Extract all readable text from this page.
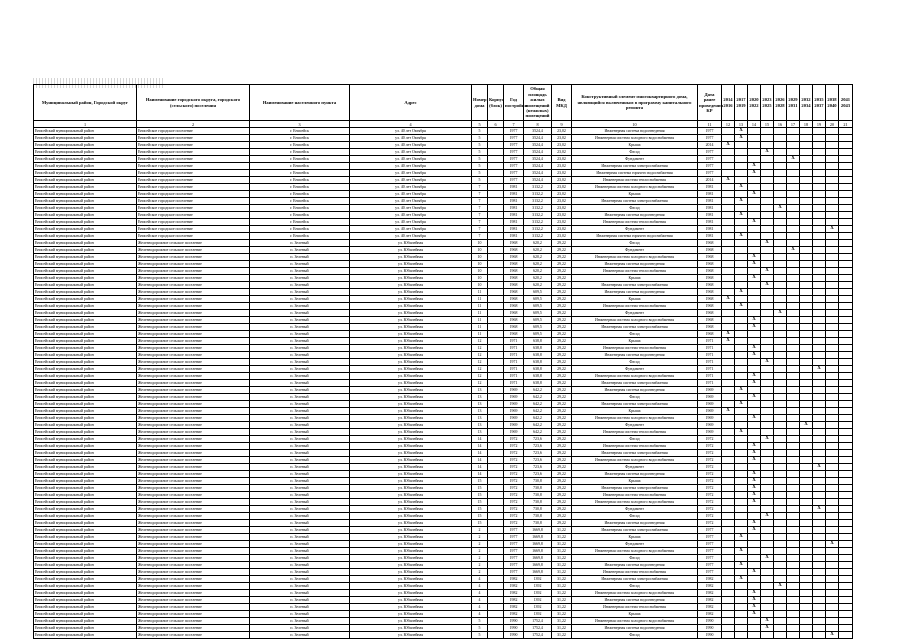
Муниципальный район, Городской округ	Наименование городского округа, городского (сельского) поселения	Наименование населенного пункта	Адрес	Номер дома	Корпус (блок)	Год постройки	Общая площадь жилых помещений (нежилых) помещений	Вид МКД	Конструктивный элемент многоквартирного дома, являющийся включенным в программу капитального ремонта	Дата ранее проведения КР	2014 2016	2017 2019	2020 2022	2023 2025	2026 2028	2029 2031	2032 2034	2035 2037	2038 2040	2041 2043
1	2	3	4	5	6	7	8	9	10	11	12	13	14	15	16	17	18	19	20	21
Енисейский муниципальный район	Енисейское городское поселение	г. Енисейск	ул. 40 лет Октября	5		1977	3524,4	23,02	Инженерная система водоотведения	1977		X								
Енисейский муниципальный район	Енисейское городское поселение	г. Енисейск	ул. 40 лет Октября	5		1977	3524,4	23,02	Инженерная система холодного водоснабжения	1977		X								
Енисейский муниципальный район	Енисейское городское поселение	г. Енисейск	ул. 40 лет Октября	5		1977	3524,4	23,02	Крыша	2014	X									
Енисейский муниципальный район	Енисейское городское поселение	г. Енисейск	ул. 40 лет Октября	5		1977	3524,4	23,02	Фасад	1977				X						
Енисейский муниципальный район	Енисейское городское поселение	г. Енисейск	ул. 40 лет Октября	5		1977	3524,4	23,02	Фундамент	1977						X				
Енисейский муниципальный район	Енисейское городское поселение	г. Енисейск	ул. 40 лет Октября	5		1977	3524,4	23,02	Инженерная система электроснабжения	1977			X							
Енисейский муниципальный район	Енисейское городское поселение	г. Енисейск	ул. 40 лет Октября	5		1977	3524,4	23,02	Инженерная система горячего водоснабжения	1977			X							
Енисейский муниципальный район	Енисейское городское поселение	г. Енисейск	ул. 40 лет Октября	5		1977	3524,4	23,02	Инженерная система теплоснабжения	2014	X									
Енисейский муниципальный район	Енисейское городское поселение	г. Енисейск	ул. 40 лет Октября	7		1981	3132,2	23,02	Инженерная система холодного водоснабжения	1981		X								
Енисейский муниципальный район	Енисейское городское поселение	г. Енисейск	ул. 40 лет Октября	7		1981	3132,2	23,02	Крыша	1981			X							
Енисейский муниципальный район	Енисейское городское поселение	г. Енисейск	ул. 40 лет Октября	7		1981	3132,2	23,02	Инженерная система электроснабжения	1981		X								
Енисейский муниципальный район	Енисейское городское поселение	г. Енисейск	ул. 40 лет Октября	7		1981	3132,2	23,02	Фасад	1981					X					
Енисейский муниципальный район	Енисейское городское поселение	г. Енисейск	ул. 40 лет Октября	7		1981	3132,2	23,02	Инженерная система водоотведения	1981		X								
Енисейский муниципальный район	Енисейское городское поселение	г. Енисейск	ул. 40 лет Октября	7		1981	3132,2	23,02	Инженерная система теплоснабжения	1981			X							
Енисейский муниципальный район	Енисейское городское поселение	г. Енисейск	ул. 40 лет Октября	7		1981	3132,2	23,02	Фундамент	1981									X	
Енисейский муниципальный район	Енисейское городское поселение	г. Енисейск	ул. 40 лет Октября	7		1981	3132,2	23,02	Инженерная система горячего водоснабжения	1981		X								
Енисейский муниципальный район	Железнодорожное сельское поселение	п. Зеленый	ул. Юбилейная	10		1968	620,2	29,22	Фасад	1968				X						
Енисейский муниципальный район	Железнодорожное сельское поселение	п. Зеленый	ул. Юбилейная	10		1968	620,2	29,22	Фундамент	1968						X				
Енисейский муниципальный район	Железнодорожное сельское поселение	п. Зеленый	ул. Юбилейная	10		1968	620,2	29,22	Инженерная система холодного водоснабжения	1968			X							
Енисейский муниципальный район	Железнодорожное сельское поселение	п. Зеленый	ул. Юбилейная	10		1968	620,2	29,22	Инженерная система водоотведения	1968			X							
Енисейский муниципальный район	Железнодорожное сельское поселение	п. Зеленый	ул. Юбилейная	10		1968	620,2	29,22	Инженерная система теплоснабжения	1968				X						
Енисейский муниципальный район	Железнодорожное сельское поселение	п. Зеленый	ул. Юбилейная	10		1968	620,2	29,22	Крыша	1968			X							
Енисейский муниципальный район	Железнодорожное сельское поселение	п. Зеленый	ул. Юбилейная	10		1968	620,2	29,22	Инженерная система электроснабжения	1968				X						
Енисейский муниципальный район	Железнодорожное сельское поселение	п. Зеленый	ул. Юбилейная	11		1968	609,5	29,22	Инженерная система водоотведения	1968		X								
Енисейский муниципальный район	Железнодорожное сельское поселение	п. Зеленый	ул. Юбилейная	11		1968	609,5	29,22	Крыша	1968	X									
Енисейский муниципальный район	Железнодорожное сельское поселение	п. Зеленый	ул. Юбилейная	11		1968	609,5	29,22	Инженерная система теплоснабжения	1968		X								
Енисейский муниципальный район	Железнодорожное сельское поселение	п. Зеленый	ул. Юбилейная	11		1968	609,5	29,22	Фундамент	1968					X					
Енисейский муниципальный район	Железнодорожное сельское поселение	п. Зеленый	ул. Юбилейная	11		1968	609,5	29,22	Инженерная система холодного водоснабжения	1968			X							
Енисейский муниципальный район	Железнодорожное сельское поселение	п. Зеленый	ул. Юбилейная	11		1968	609,5	29,22	Инженерная система электроснабжения	1968			X							
Енисейский муниципальный район	Железнодорожное сельское поселение	п. Зеленый	ул. Юбилейная	11		1968	609,5	29,22	Фасад	1968	X									
Енисейский муниципальный район	Железнодорожное сельское поселение	п. Зеленый	ул. Юбилейная	12		1971	638,8	29,22	Крыша	1971	X									
Енисейский муниципальный район	Железнодорожное сельское поселение	п. Зеленый	ул. Юбилейная	12		1971	638,8	29,22	Инженерная система теплоснабжения	1971			X							
Енисейский муниципальный район	Железнодорожное сельское поселение	п. Зеленый	ул. Юбилейная	12		1971	638,8	29,22	Инженерная система водоотведения	1971			X							
Енисейский муниципальный район	Железнодорожное сельское поселение	п. Зеленый	ул. Юбилейная	12		1971	638,8	29,22	Фасад	1971				X						
Енисейский муниципальный район	Железнодорожное сельское поселение	п. Зеленый	ул. Юбилейная	12		1971	638,8	29,22	Фундамент	1971								X		
Енисейский муниципальный район	Железнодорожное сельское поселение	п. Зеленый	ул. Юбилейная	12		1971	638,8	29,22	Инженерная система холодного водоснабжения	1971			X							
Енисейский муниципальный район	Железнодорожное сельское поселение	п. Зеленый	ул. Юбилейная	12		1971	638,8	29,22	Инженерная система электроснабжения	1971			X							
Енисейский муниципальный район	Железнодорожное сельское поселение	п. Зеленый	ул. Юбилейная	13		1969	642,2	29,22	Инженерная система водоотведения	1969		X								
Енисейский муниципальный район	Железнодорожное сельское поселение	п. Зеленый	ул. Юбилейная	13		1969	642,2	29,22	Фасад	1969			X							
Енисейский муниципальный район	Железнодорожное сельское поселение	п. Зеленый	ул. Юбилейная	13		1969	642,2	29,22	Инженерная система электроснабжения	1969		X								
Енисейский муниципальный район	Железнодорожное сельское поселение	п. Зеленый	ул. Юбилейная	13		1969	642,2	29,22	Крыша	1969	X									
Енисейский муниципальный район	Железнодорожное сельское поселение	п. Зеленый	ул. Юбилейная	13		1969	642,2	29,22	Инженерная система холодного водоснабжения	1969			X							
Енисейский муниципальный район	Железнодорожное сельское поселение	п. Зеленый	ул. Юбилейная	13		1969	642,2	29,22	Фундамент	1969							X			
Енисейский муниципальный район	Железнодорожное сельское поселение	п. Зеленый	ул. Юбилейная	13		1969	642,2	29,22	Инженерная система теплоснабжения	1969		X								
Енисейский муниципальный район	Железнодорожное сельское поселение	п. Зеленый	ул. Юбилейная	14		1972	723,6	29,22	Фасад	1972				X						
Енисейский муниципальный район	Железнодорожное сельское поселение	п. Зеленый	ул. Юбилейная	14		1972	723,6	29,22	Инженерная система теплоснабжения	1972			X							
Енисейский муниципальный район	Железнодорожное сельское поселение	п. Зеленый	ул. Юбилейная	14		1972	723,6	29,22	Инженерная система электроснабжения	1972			X							
Енисейский муниципальный район	Железнодорожное сельское поселение	п. Зеленый	ул. Юбилейная	14		1972	723,6	29,22	Инженерная система холодного водоснабжения	1972			X							
Енисейский муниципальный район	Железнодорожное сельское поселение	п. Зеленый	ул. Юбилейная	14		1972	723,6	29,22	Фундамент	1972								X		
Енисейский муниципальный район	Железнодорожное сельское поселение	п. Зеленый	ул. Юбилейная	14		1972	723,6	29,22	Инженерная система водоотведения	1972			X							
Енисейский муниципальный район	Железнодорожное сельское поселение	п. Зеленый	ул. Юбилейная	15		1972	730,8	29,22	Крыша	1972			X							
Енисейский муниципальный район	Железнодорожное сельское поселение	п. Зеленый	ул. Юбилейная	15		1972	730,8	29,22	Инженерная система электроснабжения	1972			X							
Енисейский муниципальный район	Железнодорожное сельское поселение	п. Зеленый	ул. Юбилейная	15		1972	730,8	29,22	Инженерная система теплоснабжения	1972			X							
Енисейский муниципальный район	Железнодорожное сельское поселение	п. Зеленый	ул. Юбилейная	15		1972	730,8	29,22	Инженерная система холодного водоснабжения	1972			X							
Енисейский муниципальный район	Железнодорожное сельское поселение	п. Зеленый	ул. Юбилейная	15		1972	730,8	29,22	Фундамент	1972								X		
Енисейский муниципальный район	Железнодорожное сельское поселение	п. Зеленый	ул. Юбилейная	15		1972	730,8	29,22	Фасад	1972				X						
Енисейский муниципальный район	Железнодорожное сельское поселение	п. Зеленый	ул. Юбилейная	15		1972	730,8	29,22	Инженерная система водоотведения	1972			X							
Енисейский муниципальный район	Железнодорожное сельское поселение	п. Зеленый	ул. Юбилейная	2		1977	1669,8	31,22	Инженерная система электроснабжения	1977			X							
Енисейский муниципальный район	Железнодорожное сельское поселение	п. Зеленый	ул. Юбилейная	2		1977	1669,8	31,22	Крыша	1977		X								
Енисейский муниципальный район	Железнодорожное сельское поселение	п. Зеленый	ул. Юбилейная	2		1977	1669,8	31,22	Фундамент	1977									X	
Енисейский муниципальный район	Железнодорожное сельское поселение	п. Зеленый	ул. Юбилейная	2		1977	1669,8	31,22	Инженерная система холодного водоснабжения	1977		X								
Енисейский муниципальный район	Железнодорожное сельское поселение	п. Зеленый	ул. Юбилейная	2		1977	1669,8	31,22	Фасад	1977				X						
Енисейский муниципальный район	Железнодорожное сельское поселение	п. Зеленый	ул. Юбилейная	2		1977	1669,8	31,22	Инженерная система водоотведения	1977		X								
Енисейский муниципальный район	Железнодорожное сельское поселение	п. Зеленый	ул. Юбилейная	2		1977	1669,8	31,22	Инженерная система теплоснабжения	1977			X							
Енисейский муниципальный район	Железнодорожное сельское поселение	п. Зеленый	ул. Юбилейная	4		1982	1392	31,22	Инженерная система электроснабжения	1982		X								
Енисейский муниципальный район	Железнодорожное сельское поселение	п. Зеленый	ул. Юбилейная	4		1982	1392	31,22	Фасад	1982					X					
Енисейский муниципальный район	Железнодорожное сельское поселение	п. Зеленый	ул. Юбилейная	4		1982	1392	31,22	Инженерная система холодного водоснабжения	1982			X							
Енисейский муниципальный район	Железнодорожное сельское поселение	п. Зеленый	ул. Юбилейная	4		1982	1392	31,22	Инженерная система водоотведения	1982			X							
Енисейский муниципальный район	Железнодорожное сельское поселение	п. Зеленый	ул. Юбилейная	4		1982	1392	31,22	Инженерная система теплоснабжения	1982			X							
Енисейский муниципальный район	Железнодорожное сельское поселение	п. Зеленый	ул. Юбилейная	4		1982	1392	31,22	Крыша	1982			X							
Енисейский муниципальный район	Железнодорожное сельское поселение	п. Зеленый	ул. Юбилейная	5		1990	1752,4	31,22	Инженерная система холодного водоснабжения	1990				X						
Енисейский муниципальный район	Железнодорожное сельское поселение	п. Зеленый	ул. Юбилейная	5		1990	1752,4	31,22	Инженерная система водоотведения	1990				X						
Енисейский муниципальный район	Железнодорожное сельское поселение	п. Зеленый	ул. Юбилейная	5		1990	1752,4	31,22	Фасад	1990									X	
